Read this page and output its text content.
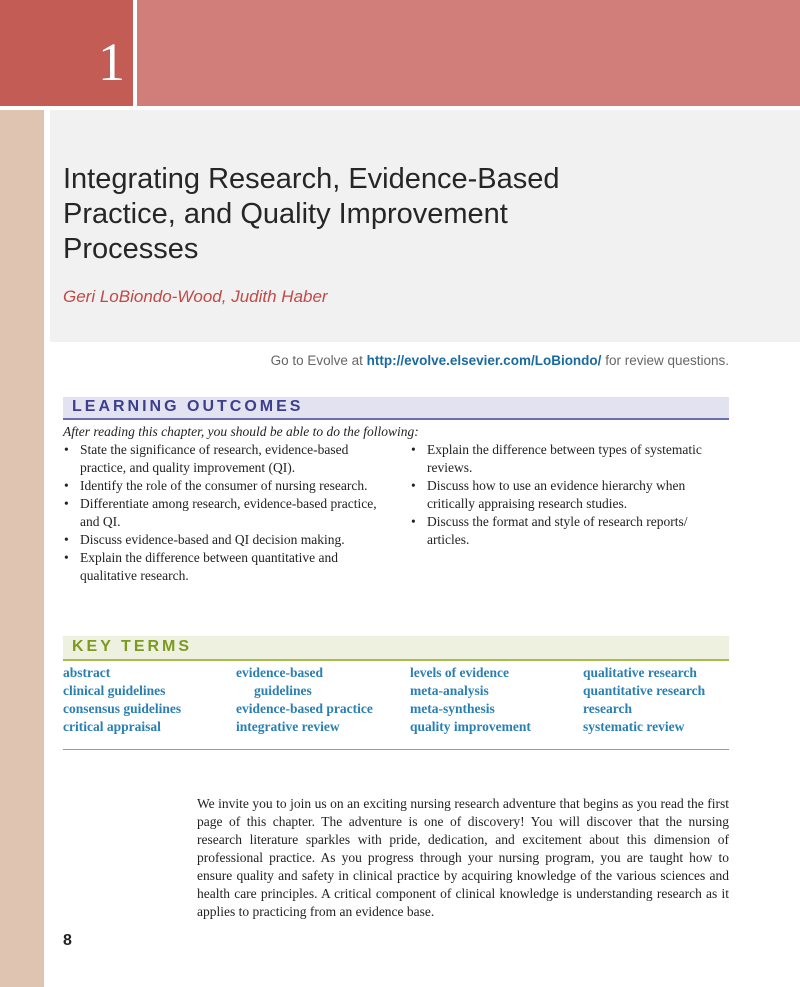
1
Integrating Research, Evidence-Based
Practice, and Quality Improvement
Processes
Geri LoBiondo-Wood, Judith Haber
Go to Evolve at http://evolve.elsevier.com/LoBiondo/ for review questions.
LEARNING OUTCOMES
After reading this chapter, you should be able to do the following:
• State the significance of research, evidence-based practice, and quality improvement (QI).
• Identify the role of the consumer of nursing research.
• Differentiate among research, evidence-based practice, and QI.
• Discuss evidence-based and QI decision making.
• Explain the difference between quantitative and qualitative research.
• Explain the difference between types of systematic reviews.
• Discuss how to use an evidence hierarchy when critically appraising research studies.
• Discuss the format and style of research reports/ articles.
KEY TERMS
abstract
clinical guidelines
consensus guidelines
critical appraisal
evidence-based
guidelines
evidence-based practice
integrative review
levels of evidence
meta-analysis
meta-synthesis
quality improvement
qualitative research
quantitative research
research
systematic review

We invite you to join us on an exciting nursing research adventure that begins as you read the first page of this chapter. The adventure is one of discovery! You will discover that the nursing research literature sparkles with pride, dedication, and excitement about this dimension of professional practice. As you progress through your nursing program, you are taught how to ensure quality and safety in clinical practice by acquiring knowledge of the various sciences and health care principles. A critical component of clinical knowledge is understanding research as it applies to practicing from an evidence base.

8
